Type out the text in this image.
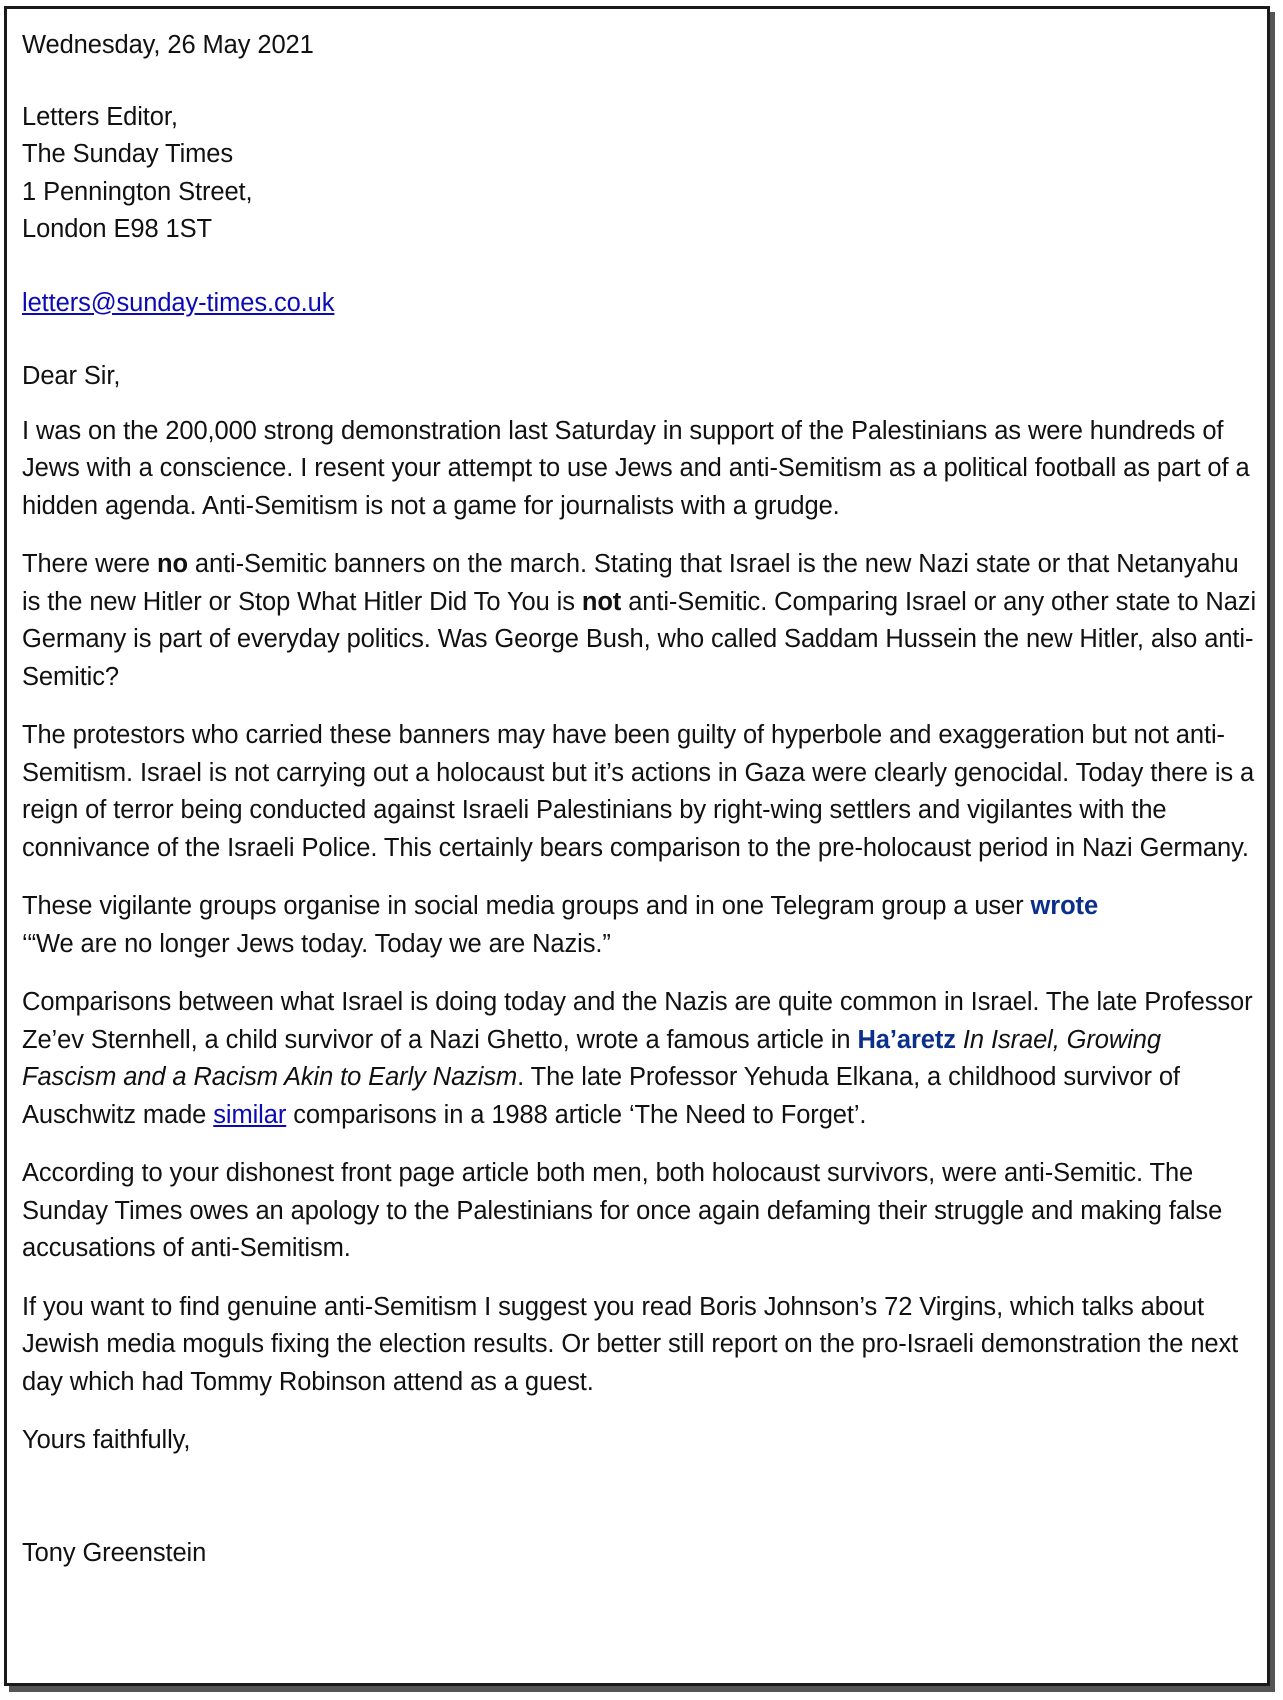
Wednesday, 26 May 2021
Letters Editor,
The Sunday Times
1 Pennington Street,
London E98 1ST
letters@sunday-times.co.uk
Dear Sir,

I was on the 200,000 strong demonstration last Saturday in support of the Palestinians as were hundreds of Jews with a conscience. I resent your attempt to use Jews and anti-Semitism as a political football as part of a hidden agenda. Anti-Semitism is not a game for journalists with a grudge.

There were no anti-Semitic banners on the march. Stating that Israel is the new Nazi state or that Netanyahu is the new Hitler or Stop What Hitler Did To You is not anti-Semitic. Comparing Israel or any other state to Nazi Germany is part of everyday politics. Was George Bush, who called Saddam Hussein the new Hitler, also anti-Semitic?

The protestors who carried these banners may have been guilty of hyperbole and exaggeration but not anti-Semitism. Israel is not carrying out a holocaust but it’s actions in Gaza were clearly genocidal. Today there is a reign of terror being conducted against Israeli Palestinians by right-wing settlers and vigilantes with the connivance of the Israeli Police. This certainly bears comparison to the pre-holocaust period in Nazi Germany.

These vigilante groups organise in social media groups and in one Telegram group a user wrote
‘“We are no longer Jews today. Today we are Nazis.”

Comparisons between what Israel is doing today and the Nazis are quite common in Israel. The late Professor Ze’ev Sternhell, a child survivor of a Nazi Ghetto, wrote a famous article in Ha’aretz In Israel, Growing Fascism and a Racism Akin to Early Nazism. The late Professor Yehuda Elkana, a childhood survivor of Auschwitz made similar comparisons in a 1988 article ‘The Need to Forget’.

According to your dishonest front page article both men, both holocaust survivors, were anti-Semitic. The Sunday Times owes an apology to the Palestinians for once again defaming their struggle and making false accusations of anti-Semitism.

If you want to find genuine anti-Semitism I suggest you read Boris Johnson’s 72 Virgins, which talks about Jewish media moguls fixing the election results. Or better still report on the pro-Israeli demonstration the next day which had Tommy Robinson attend as a guest.

Yours faithfully,
Tony Greenstein
